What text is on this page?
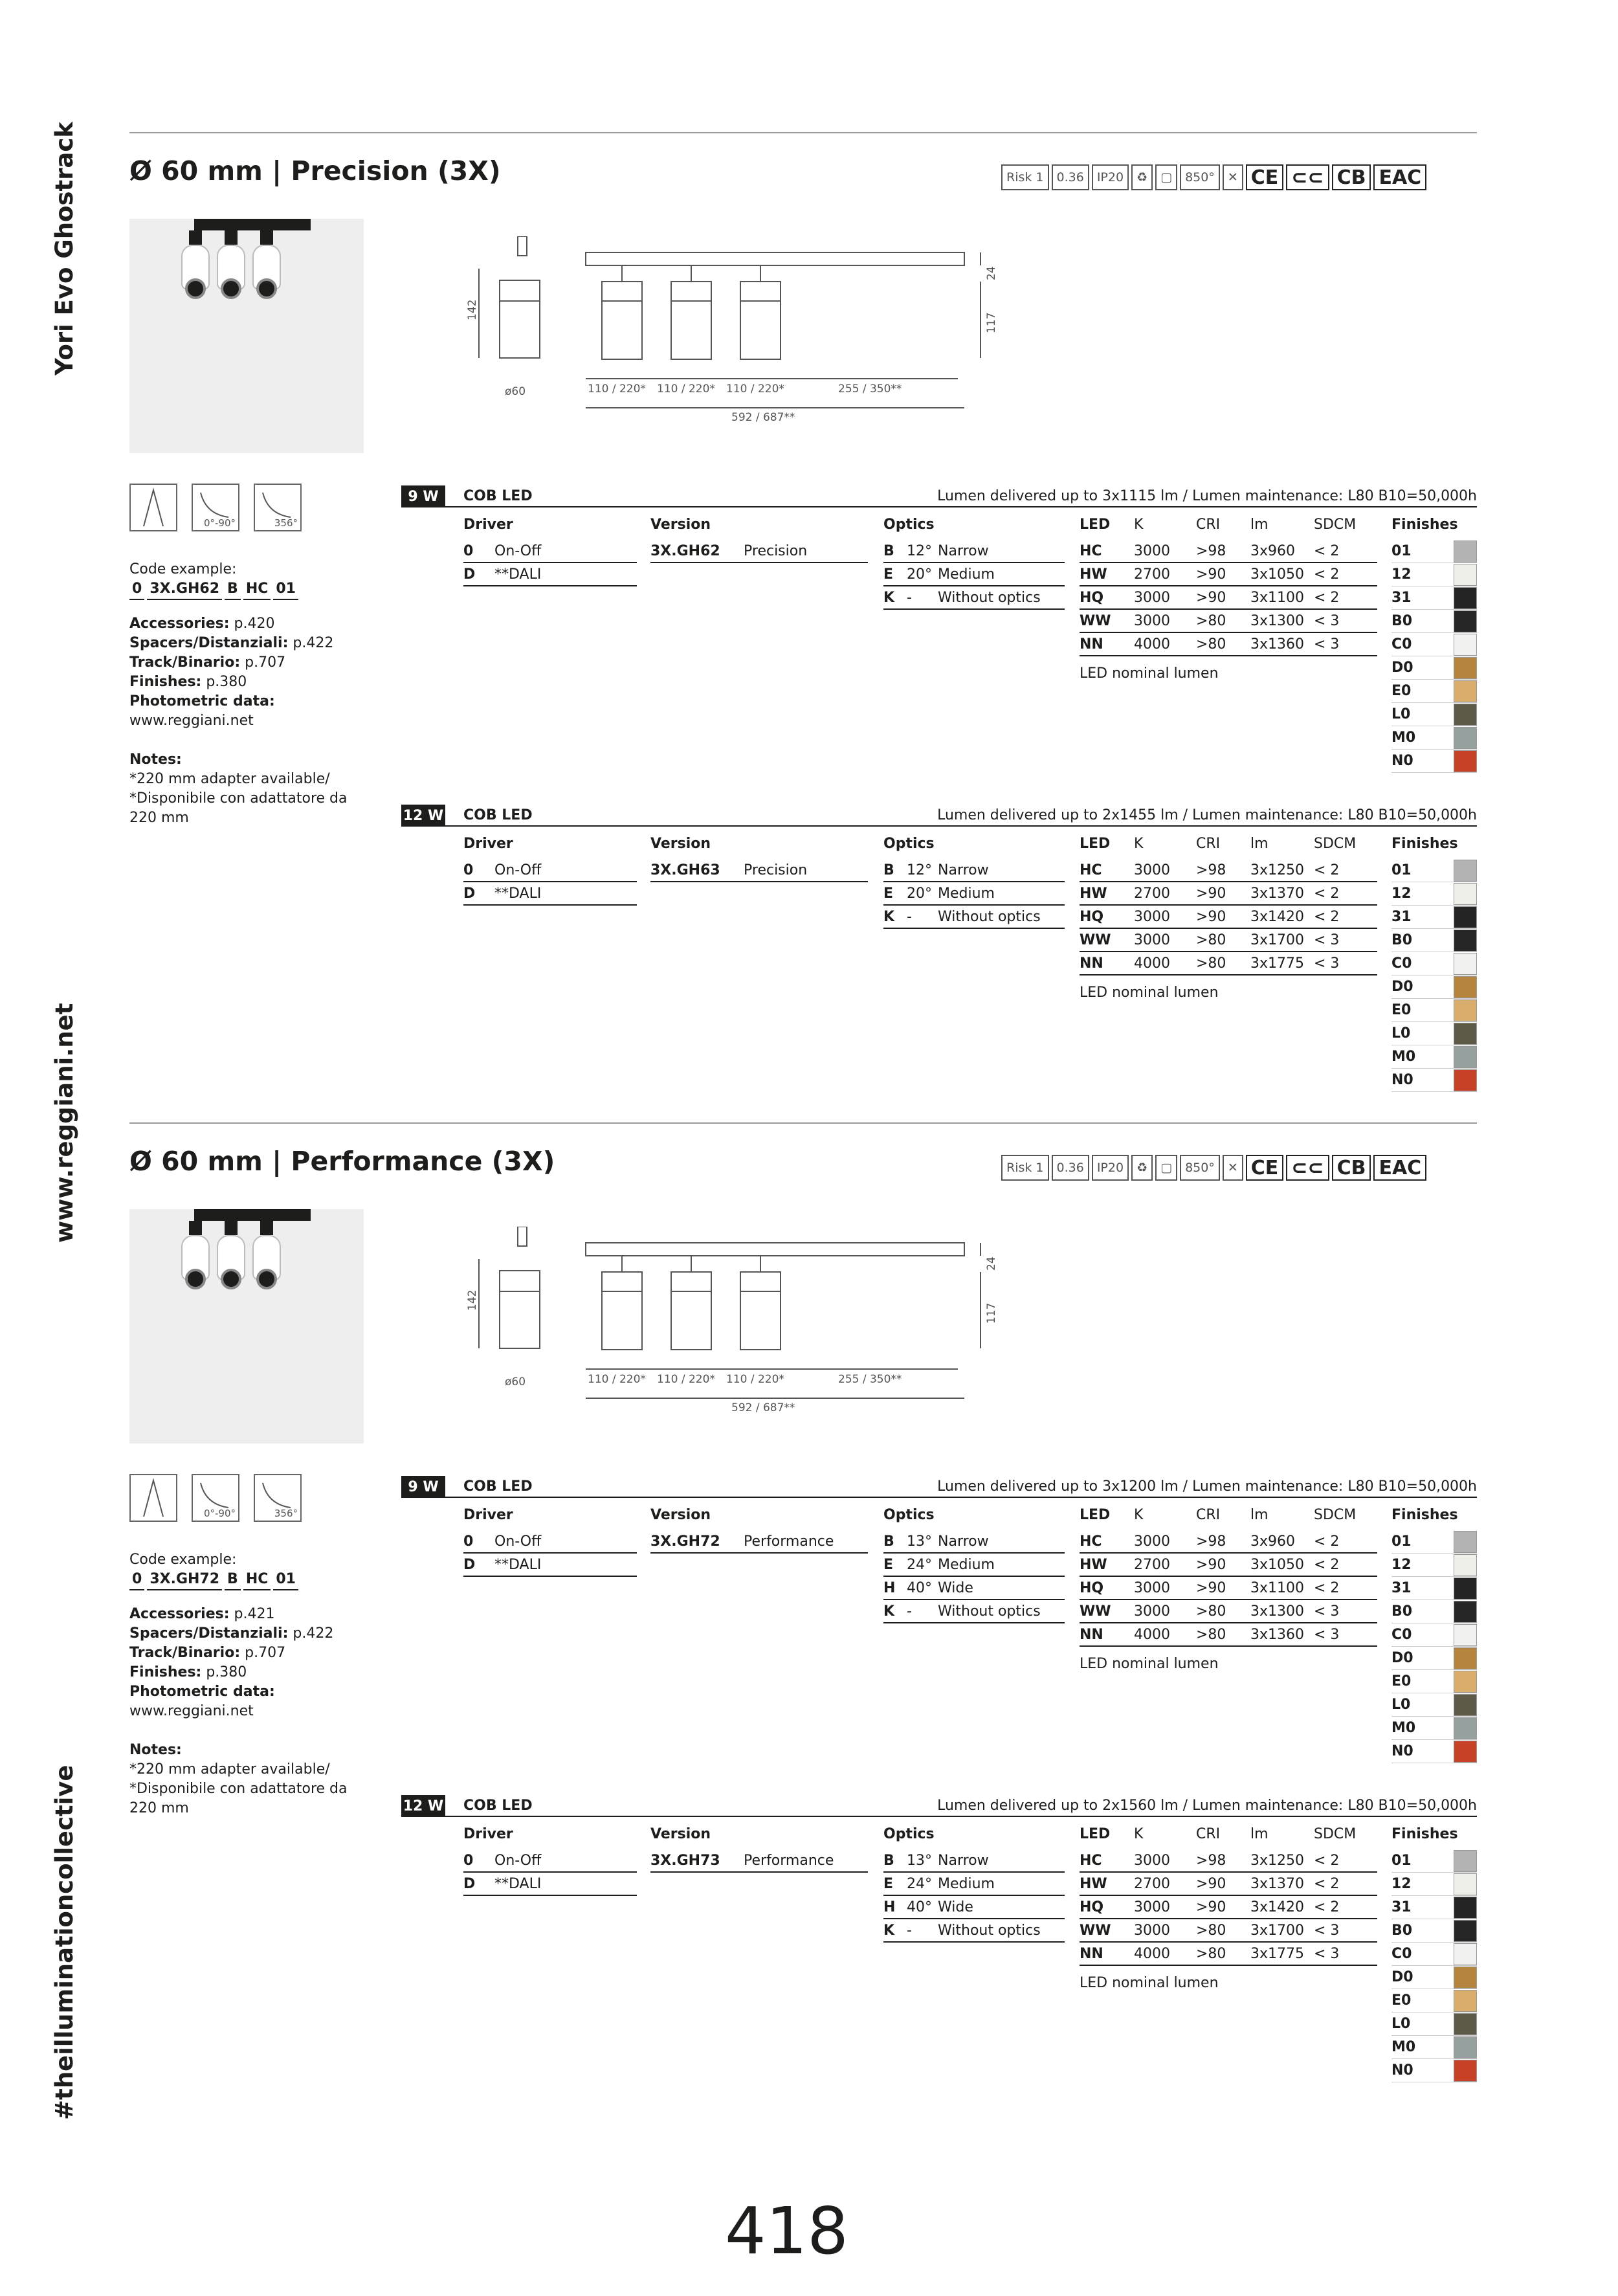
Yori Evo Ghostrack
www.reggiani.net
#theilluminationcollective
Ø 60 mm | Precision (3X)	Risk 1	0.36	IP20	♻	▢	850°	✕ CE ⊂⊂ CB EAC
142
ø60	110 / 220* 110 / 220* 110 / 220*	255 / 350**
592 / 687**
24
117
0°-90°	356°
Code example:
0 3X.GH62 B HC 01
Accessories: p.420
Spacers/Distanziali: p.422
Track/Binario: p.707
Finishes: p.380
Photometric data:
www.reggiani.net
Notes:
*220 mm adapter available/
*Disponibile con adattatore da 220 mm
9 W	COB LED	Lumen delivered up to 3x1115 lm / Lumen maintenance: L80 B10=50,000h
Driver
0	On-Off
D	**DALI
Version
3X.GH62	Precision
Optics
B 12° Narrow
E 20° Medium
K -	Without optics
LED	K	CRI	lm	SDCM
HC	3000	>98	3x960	< 2
HW	2700	>90	3x1050 < 2
HQ	3000	>90	3x1100 < 2
WW	3000	>80	3x1300 < 3
NN	4000	>80	3x1360 < 3
LED nominal lumen
Finishes
01
12
31
B0
C0
D0
E0
L0
M0
N0
12 W COB LED	Lumen delivered up to 2x1455 lm / Lumen maintenance: L80 B10=50,000h
Driver
0	On-Off
D	**DALI
Version
3X.GH63	Precision
Optics
B 12° Narrow
E 20° Medium
K -	Without optics
LED	K	CRI	lm	SDCM
HC	3000	>98	3x1250 < 2
HW	2700	>90	3x1370 < 2
HQ	3000	>90	3x1420 < 2
WW	3000	>80	3x1700 < 3
NN	4000	>80	3x1775 < 3
LED nominal lumen
Finishes
01
12
31
B0
C0
D0
E0
L0
M0
N0
Ø 60 mm | Performance (3X)	Risk 1	0.36	IP20	♻	▢	850°	✕ CE ⊂⊂ CB EAC
142
ø60	110 / 220* 110 / 220* 110 / 220*	255 / 350**
592 / 687**
24
117
0°-90°	356°
Code example:
0 3X.GH72 B HC 01
Accessories: p.421
Spacers/Distanziali: p.422
Track/Binario: p.707
Finishes: p.380
Photometric data:
www.reggiani.net
Notes:
*220 mm adapter available/
*Disponibile con adattatore da 220 mm
9 W	COB LED	Lumen delivered up to 3x1200 lm / Lumen maintenance: L80 B10=50,000h
Driver
0	On-Off
D	**DALI
Version
3X.GH72	Performance
Optics
B 13° Narrow
E 24° Medium
H 40° Wide
K -	Without optics
LED	K	CRI	lm	SDCM
HC	3000	>98	3x960	< 2
HW	2700	>90	3x1050 < 2
HQ	3000	>90	3x1100 < 2
WW	3000	>80	3x1300 < 3
NN	4000	>80	3x1360 < 3
LED nominal lumen
Finishes
01
12
31
B0
C0
D0
E0
L0
M0
N0
12 W COB LED	Lumen delivered up to 2x1560 lm / Lumen maintenance: L80 B10=50,000h
Driver
0	On-Off
D	**DALI
Version
3X.GH73	Performance
Optics
B 13° Narrow
E 24° Medium
H 40° Wide
K -	Without optics
LED	K	CRI	lm	SDCM
HC	3000	>98	3x1250 < 2
HW	2700	>90	3x1370 < 2
HQ	3000	>90	3x1420 < 2
WW	3000	>80	3x1700 < 3
NN	4000	>80	3x1775 < 3
LED nominal lumen
Finishes
01
12
31
B0
C0
D0
E0
L0
M0
N0
418
